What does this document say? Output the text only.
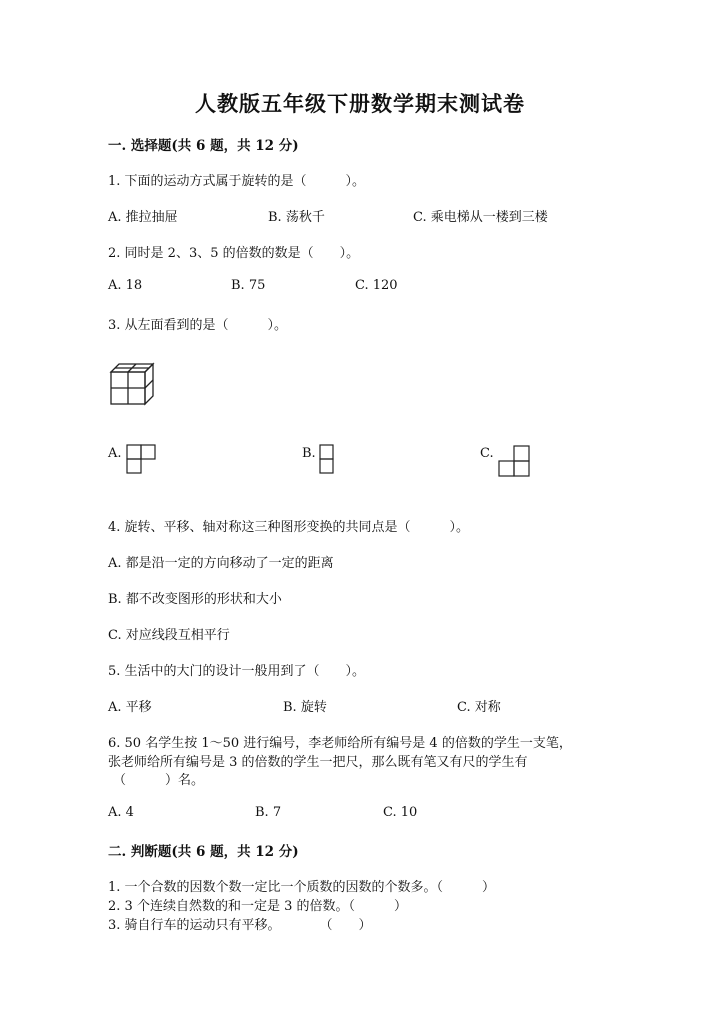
人教版五年级下册数学期末测试卷
一. 选择题(共 6 题，共 12 分)
1. 下面的运动方式属于旋转的是（　　　）。
A. 推拉抽屉	B. 荡秋千	C. 乘电梯从一楼到三楼
2. 同时是 2、3、5 的倍数的数是（　　）。
A. 18	B. 75	C. 120
3. 从左面看到的是（　　　）。
A.	B.	C.
4. 旋转、平移、轴对称这三种图形变换的共同点是（　　　）。
A. 都是沿一定的方向移动了一定的距离
B. 都不改变图形的形状和大小
C. 对应线段互相平行
5. 生活中的大门的设计一般用到了（　　）。
A. 平移	B. 旋转	C. 对称
6. 50 名学生按 1～50 进行编号，李老师给所有编号是 4 的倍数的学生一支笔，
张老师给所有编号是 3 的倍数的学生一把尺，那么既有笔又有尺的学生有
（　　　）名。
A. 4	B. 7	C. 10
二. 判断题(共 6 题，共 12 分)
1. 一个合数的因数个数一定比一个质数的因数的个数多。（　　　）
2. 3 个连续自然数的和一定是 3 的倍数。（　　　）
3. 骑自行车的运动只有平移。　　　　（　　）
